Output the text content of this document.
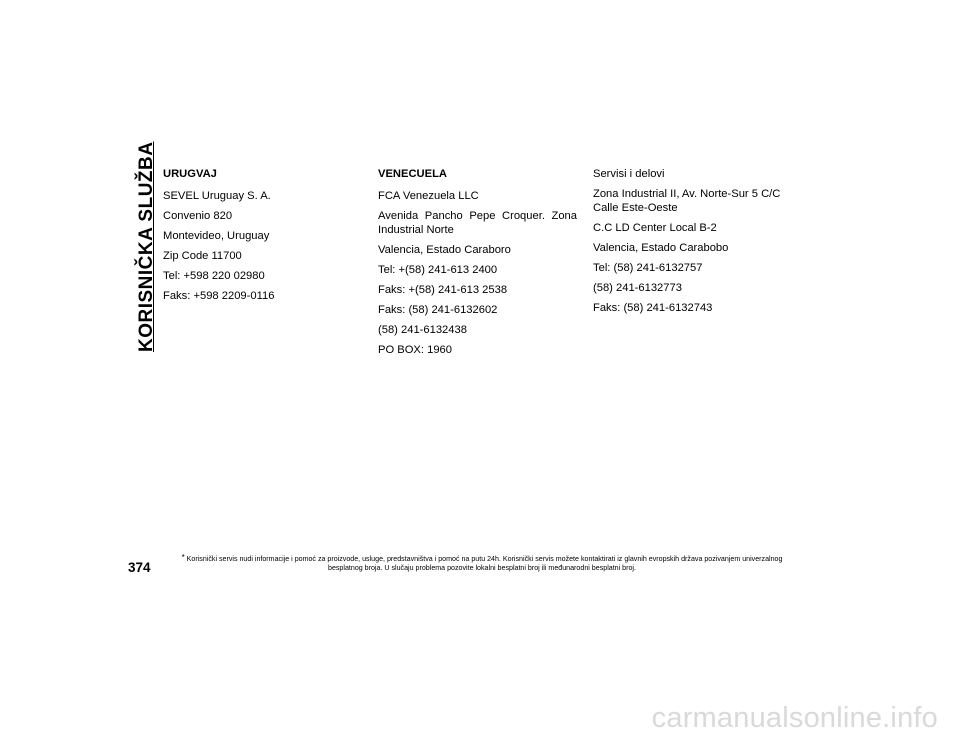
KORISNIČKA SLUŽBA URUGVAJ

SEVEL Uruguay S. A.

Convenio 820

Montevideo, Uruguay

Zip Code 11700

Tel: +598 220 02980

Faks: +598 2209-0116

VENECUELA

FCA Venezuela LLC

Avenida Pancho Pepe Croquer. Zona Industrial Norte

Valencia, Estado Caraboro

Tel: +(58) 241-613 2400

Faks: +(58) 241-613 2538

Faks: (58) 241-6132602

(58) 241-6132438

PO BOX: 1960

Servisi i delovi

Zona Industrial II, Av. Norte-Sur 5 C/C Calle Este-Oeste

C.C LD Center Local B-2

Valencia, Estado Carabobo

Tel: (58) 241-6132757

(58) 241-6132773

Faks: (58) 241-6132743

374
* Korisnički servis nudi informacije i pomoć za proizvode, usluge, predstavništva i pomoć na putu 24h. Korisnički servis možete kontaktirati iz glavnih evropskih država pozivanjem univerzalnog besplatnog broja. U slučaju problema pozovite lokalni besplatni broj ili međunarodni besplatni broj.
carmanualsonline.info
